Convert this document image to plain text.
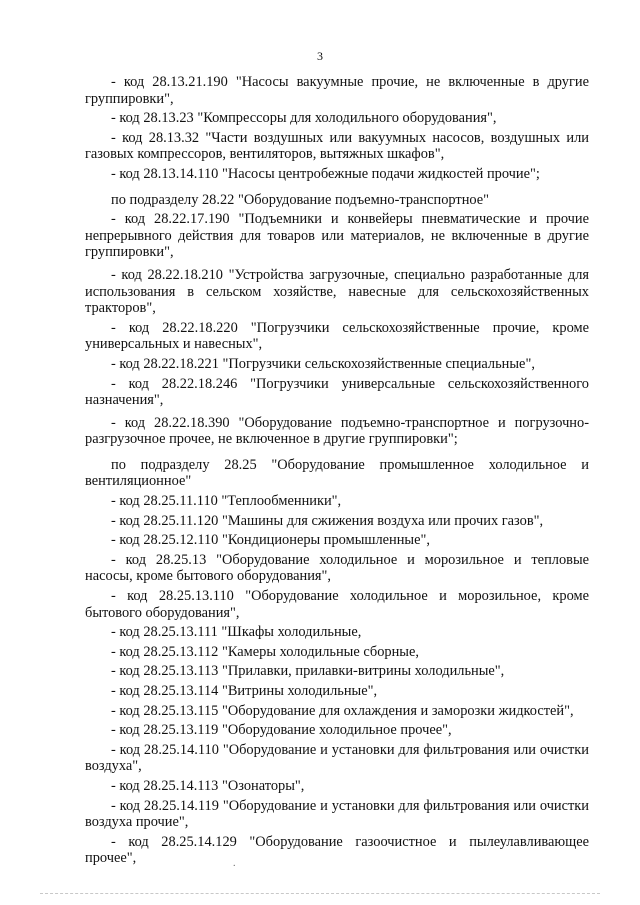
3

- код 28.13.21.190 "Насосы вакуумные прочие, не включенные в другие группировки",

- код 28.13.23 "Компрессоры для холодильного оборудования",

- код 28.13.32 "Части воздушных или вакуумных насосов, воздушных или газовых компрессоров, вентиляторов, вытяжных шкафов",

- код 28.13.14.110 "Насосы центробежные подачи жидкостей прочие";

по подразделу 28.22 "Оборудование подъемно-транспортное"

- код 28.22.17.190 "Подъемники и конвейеры пневматические и прочие непрерывного действия для товаров или материалов, не включенные в другие группировки",

- код 28.22.18.210 "Устройства загрузочные, специально разработанные для использования в сельском хозяйстве, навесные для сельскохозяйственных тракторов",

- код 28.22.18.220 "Погрузчики сельскохозяйственные прочие, кроме универсальных и навесных",

- код 28.22.18.221 "Погрузчики сельскохозяйственные специальные",

- код 28.22.18.246 "Погрузчики универсальные сельскохозяйственного назначения",

- код 28.22.18.390 "Оборудование подъемно-транспортное и погрузочно-разгрузочное прочее, не включенное в другие группировки";

по подразделу 28.25 "Оборудование промышленное холодильное и вентиляционное"

- код 28.25.11.110 "Теплообменники",

- код 28.25.11.120 "Машины для сжижения воздуха или прочих газов",

- код 28.25.12.110 "Кондиционеры промышленные",

- код 28.25.13 "Оборудование холодильное и морозильное и тепловые насосы, кроме бытового оборудования",

- код 28.25.13.110 "Оборудование холодильное и морозильное, кроме бытового оборудования",

- код 28.25.13.111 "Шкафы холодильные,

- код 28.25.13.112 "Камеры холодильные сборные,

- код 28.25.13.113 "Прилавки, прилавки-витрины холодильные",

- код 28.25.13.114 "Витрины холодильные",

- код 28.25.13.115 "Оборудование для охлаждения и заморозки жидкостей",

- код 28.25.13.119 "Оборудование холодильное прочее",

- код 28.25.14.110 "Оборудование и установки для фильтрования или очистки воздуха",

- код 28.25.14.113 "Озонаторы",

- код 28.25.14.119 "Оборудование и установки для фильтрования или очистки воздуха прочие",

- код 28.25.14.129 "Оборудование газоочистное и пылеулавливающее прочее",	.
